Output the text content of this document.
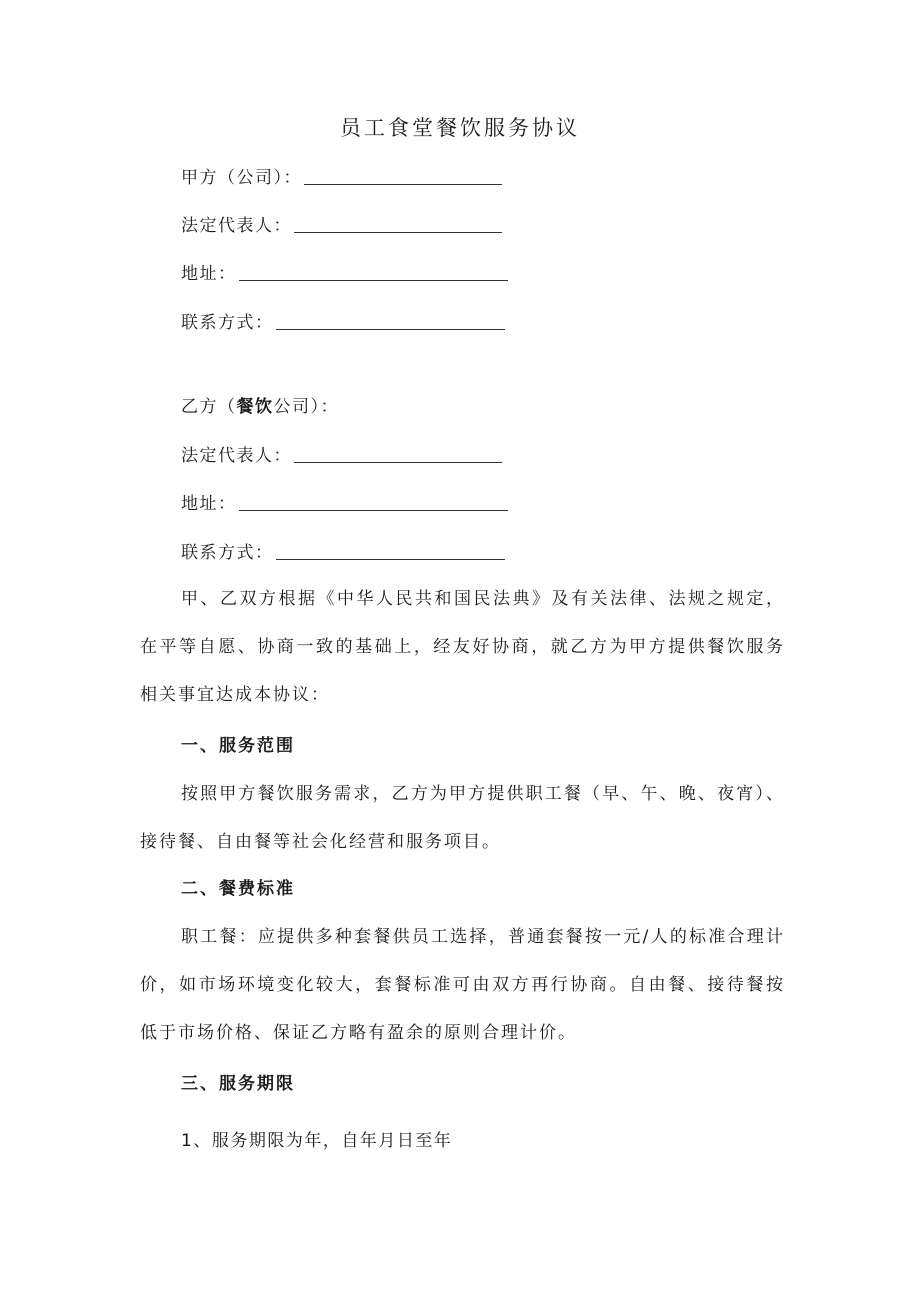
员工食堂餐饮服务协议
甲方（公司）：
法定代表人：
地址：
联系方式：
乙方（餐饮公司）：
法定代表人：
地址：
联系方式：
甲、乙双方根据《中华人民共和国民法典》及有关法律、法规之规定，在平等自愿、协商一致的基础上，经友好协商，就乙方为甲方提供餐饮服务相关事宜达成本协议：
一、服务范围
按照甲方餐饮服务需求，乙方为甲方提供职工餐（早、午、晚、夜宵）、接待餐、自由餐等社会化经营和服务项目。
二、餐费标准
职工餐：应提供多种套餐供员工选择，普通套餐按一元/人的标准合理计价，如市场环境变化较大，套餐标准可由双方再行协商。自由餐、接待餐按低于市场价格、保证乙方略有盈余的原则合理计价。
三、服务期限
1、服务期限为年，自年月日至年
